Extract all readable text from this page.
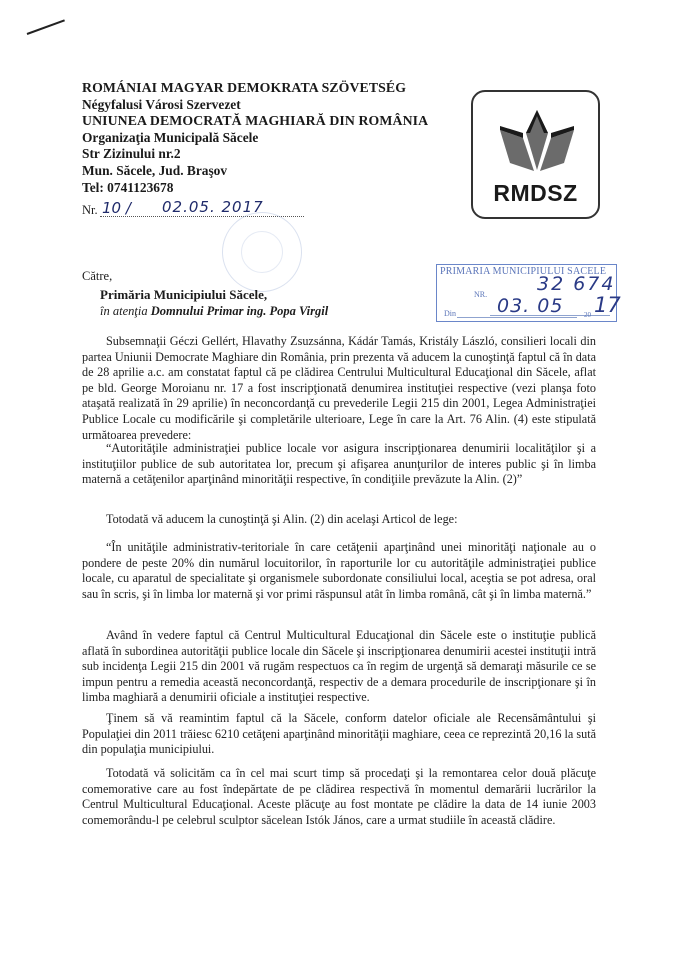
ROMÁNIAI MAGYAR DEMOKRATA SZÖVETSÉG
Négyfalusi Városi Szervezet
UNIUNEA DEMOCRATĂ MAGHIARĂ DIN ROMÂNIA
Organizaţia Municipală Săcele
Str Zizinului nr.2
Mun. Săcele, Jud. Braşov
Tel: 0741123678
Nr. 10 / 02.05. 2017
RMDSZ
PRIMARIA MUNICIPIULUI SACELE
NR.	32 674
Din 03. 05	20 17
Către,
Primăria Municipiului Săcele,
în atenţia Domnului Primar ing. Popa Virgil

Subsemnaţii Géczi Gellért, Hlavathy Zsuzsánna, Kádár Tamás, Kristály László, consilieri locali din partea Uniunii Democrate Maghiare din România, prin prezenta vă aducem la cunoştinţă faptul că în data de 28 aprilie a.c. am constatat faptul că pe clădirea Centrului Multicultural Educaţional din Săcele, aflat pe bld. George Moroianu nr. 17 a fost inscripţionată denumirea instituţiei respective (vezi planşa foto ataşată realizată în 29 aprilie) în neconcordanţă cu prevederile Legii 215 din 2001, Legea Administraţiei Publice Locale cu modificările şi completările ulterioare, Lege în care la Art. 76 Alin. (4) este stipulată următoarea prevedere:

“Autorităţile administraţiei publice locale vor asigura inscripţionarea denumirii localităţilor şi a instituţiilor publice de sub autoritatea lor, precum şi afişarea anunţurilor de interes public şi în limba maternă a cetăţenilor aparţinând minorităţii respective, în condiţiile prevăzute la Alin. (2)”

Totodată vă aducem la cunoştinţă şi Alin. (2) din acelaşi Articol de lege:

“În unităţile administrativ-teritoriale în care cetăţenii aparţinând unei minorităţi naţionale au o pondere de peste 20% din numărul locuitorilor, în raporturile lor cu autorităţile administraţiei publice locale, cu aparatul de specialitate şi organismele subordonate consiliului local, aceştia se pot adresa, oral sau în scris, şi în limba lor maternă şi vor primi răspunsul atât în limba română, cât şi în limba maternă.”

Având în vedere faptul că Centrul Multicultural Educaţional din Săcele este o instituţie publică aflată în subordinea autorităţii publice locale din Săcele şi inscripţionarea denumirii acestei instituţii intră sub incidenţa Legii 215 din 2001 vă rugăm respectuos ca în regim de urgenţă să demaraţi măsurile ce se impun pentru a remedia această neconcordanţă, respectiv de a demara procedurile de inscripţionare şi în limba maghiară a denumirii oficiale a instituţiei respective.

Ţinem să vă reamintim faptul că la Săcele, conform datelor oficiale ale Recensământului şi Populaţiei din 2011 trăiesc 6210 cetăţeni aparţinând minorităţii maghiare, ceea ce reprezintă 20,16 la sută din populaţia municipiului.

Totodată vă solicităm ca în cel mai scurt timp să procedaţi şi la remontarea celor două plăcuţe comemorative care au fost îndepărtate de pe clădirea respectivă în momentul demarării lucrărilor la Centrul Multicultural Educaţional. Aceste plăcuţe au fost montate pe clădire la data de 14 iunie 2003 comemorându-l pe celebrul sculptor săcelean Istók János, care a urmat studiile în această clădire.
